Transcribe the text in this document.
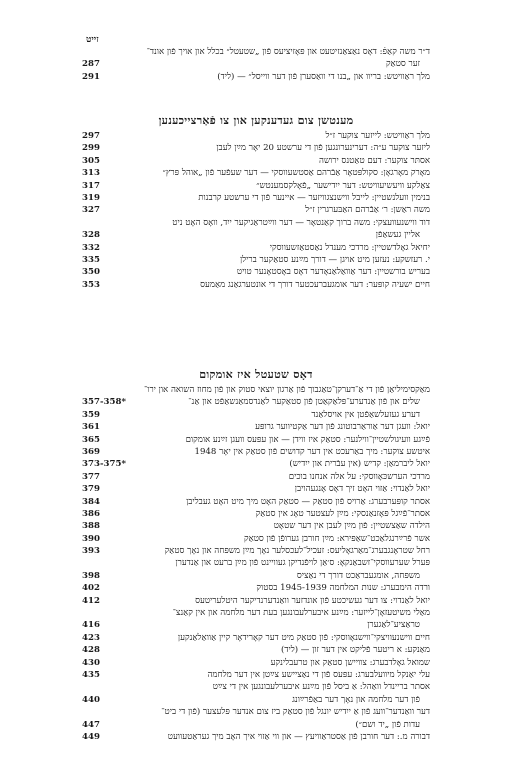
זייט
ד״ר משה קאַפֿ: דאָס נאַצאַנזיטעט און פּאָזיציעס פֿון „שטעטל״ בכלל און אויך פֿון אונד־
287	זער סטאַק
291	מלך ראַוויטש: בריוו און „בנו די וואַסערן פֿון דער ווייסל״ — (ליד)
מענטשן צום געדענקען און צו פֿאַרצייכענען
297	מלך ראַוויטש: לייזער צוקער ז״ל
299	ליזער צוקער ע״ה: דערינערונגען פֿון די ערשטע 20 יאָר מײַן לעבן
305	אסתּר צוקער: דעם טאַטנס ירושה
313	מאָרק מאָרגאָן: סקולפּטאָר אַבֿרהם אַסטשעווסקי — דער שעפֿער פֿון „אוהל פּרץ״
317	צאַלקע וויעשיעוויטש: דער ייִדישער „פֿאָלקסמענטש״
319	בנימין וועלנשטיין: לייבל ווישנצגוויזער — איינער פֿון די ערשטע קרבנות
327	משה ראַשן: ר׳ אַבֿרהם האַבּערגרין ז״ל
דוד ווישנעוועצקי: משה ברוך קאַנטאָר — דער ווײַטראַגיקער ייִד, וואָס האָט ניט
328	אליין געשאַפֿן
332	יחיאל גאָלדשטיין: מרדכי מענדל נאַסטאַזשעווסקי
335	י. רעזשקע: נעזען מיט אויגן — דורך מײַנע סטאַקער ברילן
350	בעריש בורשטיין: דער אַוואַלאַנאָדער דאָס באָסטאָנער טויט
353	חיים ישעיה קופּער: דער אומגעברעכטער דורך די אונטערגאַנג מאַמעס
דאָס שטעטל איז אומקום
מאַקסימיליאַן פֿון די אַ־דערקן־טאַגבוך פֿון אַרגון יוצאי סטוק און פֿון מחוז השואה און ירו־
357-358*	שלים און פֿון אַנדערע־פּלאַקאַטן פֿון סטאַקער לאַנדסמאַנשאַפֿט און אַנ־
359	דערע געזעלשאַפֿטן אין אויסלאַנד
361	יואל: וועגן דער אַוראַרבוטונג פֿון דער אַקטיווער גרופּע
365	פֿײַגע וועיגולשטיין־ווילנער: סטאַק איז ווידן — און עפּעס וועגן זײַנע אומקום
369	איטשע צוקער: מיך באַרעכט אין דער קדושים פֿון סטאַק אין יאָר 1948
373-375*	יואל ליברמאַן: קדיש (אין עבֿרית און ייִדיש)
377	מרדכי הערשכּאָווסקי: על אלה אנחנו בוכים
379	יואל לאַנדוי: אַזוי האָט זיך דאָס אָנגעהויבן
384	אסתר קופּערבערג: אַרויס פֿון סטאַק — סטאַק האָט מיך מיט האָט געבליבן
386	אסתר־פֿײַגל פּאָזנאַנסקי: מײַן לעצטער טאָג אין סטאַק
388	הילדה שאַצשטיין: פֿון מײַן לעבן אין דער שטאָט
390	אשר פֿרײַרנגלאַכט־שאַפּירא: מײַן חורבן גערופֿן פֿון סטאַק
393	רחל שטראָנגבערג־מאַרגאָליעס: זעכיל־לעכסלער נאָך מײַן משפּחה און נאָך סטאַק
פּערל שערעווסקי־זשבאַנקאָ: ס׳אַן לויפֿנדיקן געוויינט פֿון מײַן ברעט און אַנדערן
398	משפּחה, אומגעבראַכט דורך די נאַציס
402	ורדה הימבערג: שנות המלחמה 1945-1939 בסטוק
412	יואל לאַנדוי: צו דער געשיכטע פֿון אונדזער וואַנדערנדיקער היטלעריטעס
מאַלי משיטעזאָן־לייזער: מײַנע איבערלעבונגען בעת דער מלחמה און אין קאַנצ־
416	טראַציע־לאַגערן
423	חיים ווישנעוויצקי־ווישנאָווסקי: פֿון סטאַק מיט דער קאָרידאָר קיין אַוואַלאַנקען
428	מאַנקע: א ריטער פֿליקט אין דער זון — (ליד)
430	שמואל גאָלדבערג: צוויישן סטאַק און טרעבלינקע
435	עלי יאַנקל מיוועלבערג: עפּעס פֿון די נאַציישע צײַטן אין דער מלחמה
אסתר בריינדל וואַהל: אַ ביסל פֿון מײַנע איבערלעבונגען אין די צײַט
440	פֿון דער מלחמה און נאָך דער באַפֿרײַונג
דער וואַנדער־וועג פֿון אַ ייִדיש יונגל פֿון סטאַק ביז צום אנדער פּלעצער (פֿון די ביט־
447	עדות פֿון „יד ושם״)
449	דבורה מ.: דער חורבן פֿון אַסטראַוויעץ — און ווי אַזוי איך האָב מיך געראַטעוועט
